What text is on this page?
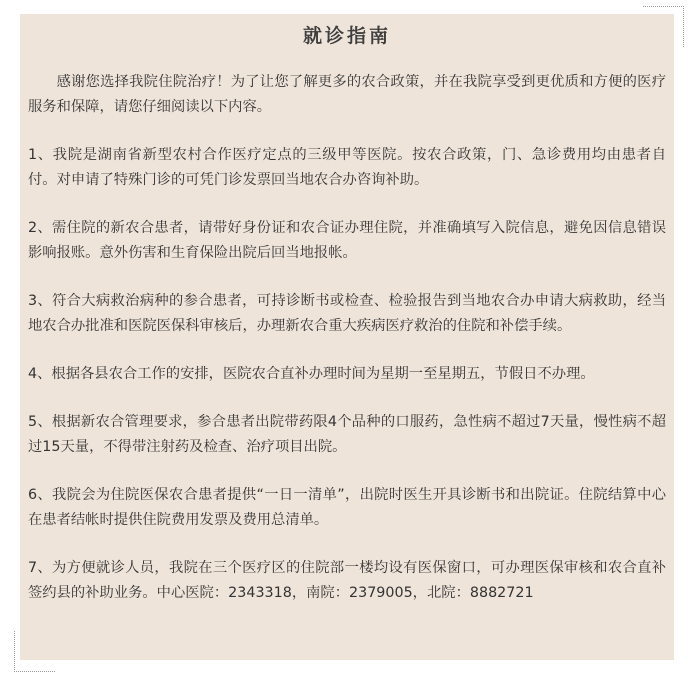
就诊指南

感谢您选择我院住院治疗！为了让您了解更多的农合政策，并在我院享受到更优质和方便的医疗服务和保障，请您仔细阅读以下内容。

1、我院是湖南省新型农村合作医疗定点的三级甲等医院。按农合政策，门、急诊费用均由患者自付。对申请了特殊门诊的可凭门诊发票回当地农合办咨询补助。

2、需住院的新农合患者，请带好身份证和农合证办理住院，并准确填写入院信息，避免因信息错误影响报账。意外伤害和生育保险出院后回当地报帐。

3、符合大病救治病种的参合患者，可持诊断书或检查、检验报告到当地农合办申请大病救助，经当地农合办批准和医院医保科审核后，办理新农合重大疾病医疗救治的住院和补偿手续。

4、根据各县农合工作的安排，医院农合直补办理时间为星期一至星期五，节假日不办理。

5、根据新农合管理要求，参合患者出院带药限4个品种的口服药，急性病不超过7天量，慢性病不超过15天量，不得带注射药及检查、治疗项目出院。

6、我院会为住院医保农合患者提供“一日一清单”，出院时医生开具诊断书和出院证。住院结算中心在患者结帐时提供住院费用发票及费用总清单。

7、为方便就诊人员，我院在三个医疗区的住院部一楼均设有医保窗口，可办理医保审核和农合直补签约县的补助业务。中心医院：2343318，南院：2379005，北院：8882721
